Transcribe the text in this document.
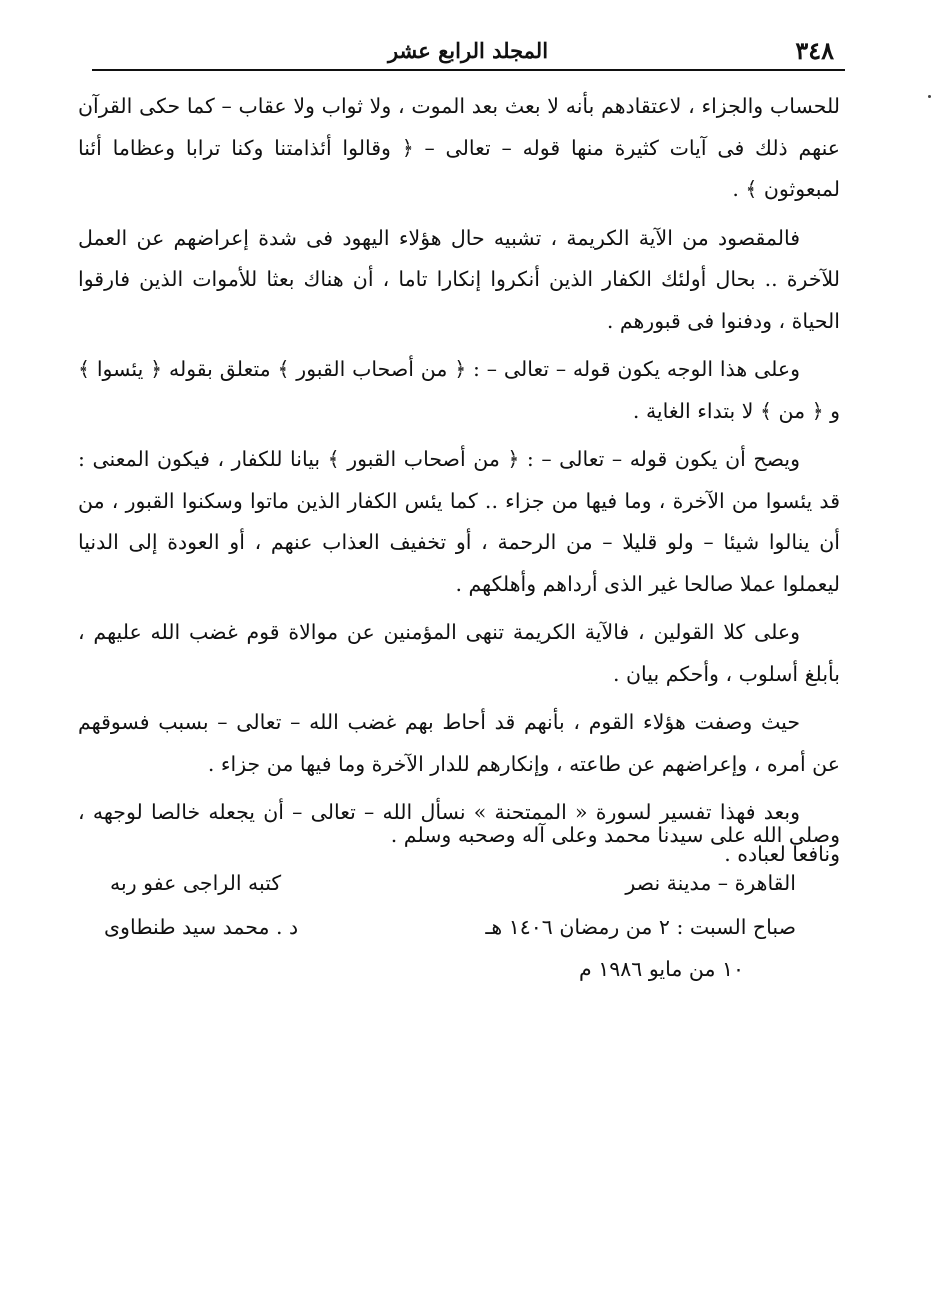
٣٤٨
المجلد الرابع عشر

للحساب والجزاء ، لاعتقادهم بأنه لا بعث بعد الموت ، ولا ثواب ولا عقاب – كما حكى القرآن عنهم ذلك فى آيات كثيرة منها قوله – تعالى – ﴿ وقالوا أئذامتنا وكنا ترابا وعظاما أئنا لمبعوثون ﴾ .

فالمقصود من الآية الكريمة ، تشبيه حال هؤلاء اليهود فى شدة إعراضهم عن العمل للآخرة .. بحال أولئك الكفار الذين أنكروا إنكارا تاما ، أن هناك بعثا للأموات الذين فارقوا الحياة ، ودفنوا فى قبورهم .

وعلى هذا الوجه يكون قوله – تعالى – : ﴿ من أصحاب القبور ﴾ متعلق بقوله ﴿ يئسوا ﴾ و ﴿ من ﴾ لا بتداء الغاية .

ويصح أن يكون قوله – تعالى – : ﴿ من أصحاب القبور ﴾ بيانا للكفار ، فيكون المعنى : قد يئسوا من الآخرة ، وما فيها من جزاء .. كما يئس الكفار الذين ماتوا وسكنوا القبور ، من أن ينالوا شيئا – ولو قليلا – من الرحمة ، أو تخفيف العذاب عنهم ، أو العودة إلى الدنيا ليعملوا عملا صالحا غير الذى أرداهم وأهلكهم .

وعلى كلا القولين ، فالآية الكريمة تنهى المؤمنين عن موالاة قوم غضب الله عليهم ، بأبلغ أسلوب ، وأحكم بيان .

حيث وصفت هؤلاء القوم ، بأنهم قد أحاط بهم غضب الله – تعالى – بسبب فسوقهم عن أمره ، وإعراضهم عن طاعته ، وإنكارهم للدار الآخرة وما فيها من جزاء .

وبعد فهذا تفسير لسورة « الممتحنة » نسأل الله – تعالى – أن يجعله خالصا لوجهه ، ونافعا لعباده .

وصلى الله على سيدنا محمد وعلى آله وصحبه وسلم .
القاهرة – مدينة نصر
صباح السبت : ٢ من رمضان ١٤٠٦ هـ
١٠ من مايو ١٩٨٦ م
كتبه الراجى عفو ربه
د . محمد سيد طنطاوى
